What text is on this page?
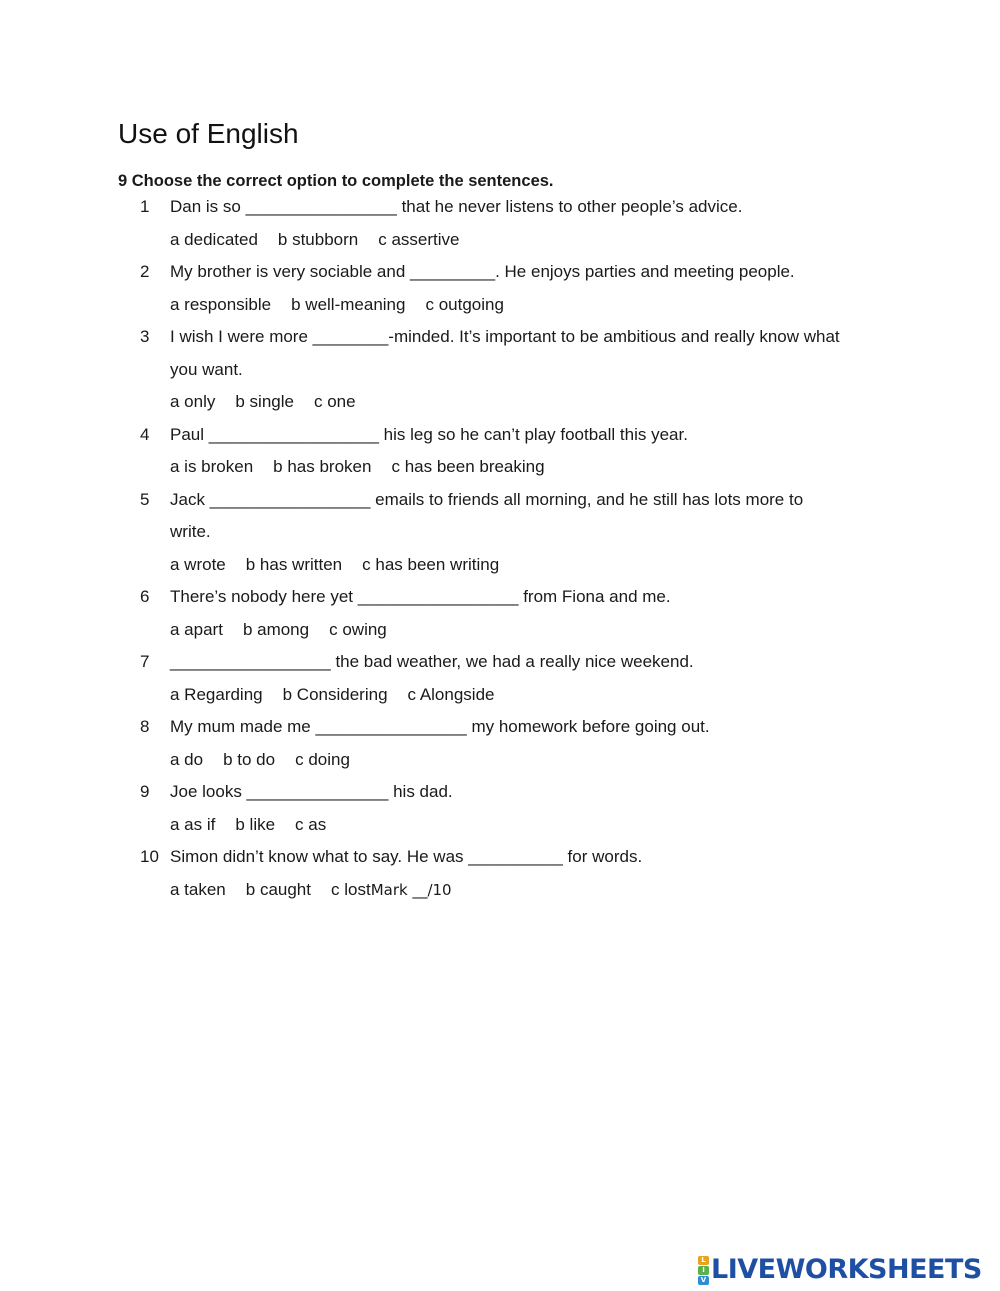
Use of English

9 Choose the correct option to complete the sentences.

1 Dan is so ________________ that he never listens to other people’s advice.
a dedicated b stubborn c assertive
2 My brother is very sociable and _________. He enjoys parties and meeting people.
a responsible b well-meaning c outgoing
3 I wish I were more ________-minded. It’s important to be ambitious and really know what
you want.
a only b single c one
4 Paul __________________ his leg so he can’t play football this year.
a is broken b has broken c has been breaking
5 Jack _________________ emails to friends all morning, and he still has lots more to
write.
a wrote b has written c has been writing
6 There’s nobody here yet _________________ from Fiona and me.
a apart b among c owing
7 _________________ the bad weather, we had a really nice weekend.
a Regarding b Considering c Alongside
8 My mum made me ________________ my homework before going out.
a do b to do c doing
9 Joe looks _______________ his dad.
a as if b like c as
10 Simon didn’t know what to say. He was __________ for words.
a taken b caught c lostMark __/10
L
I
V LIVEWORKSHEETS
